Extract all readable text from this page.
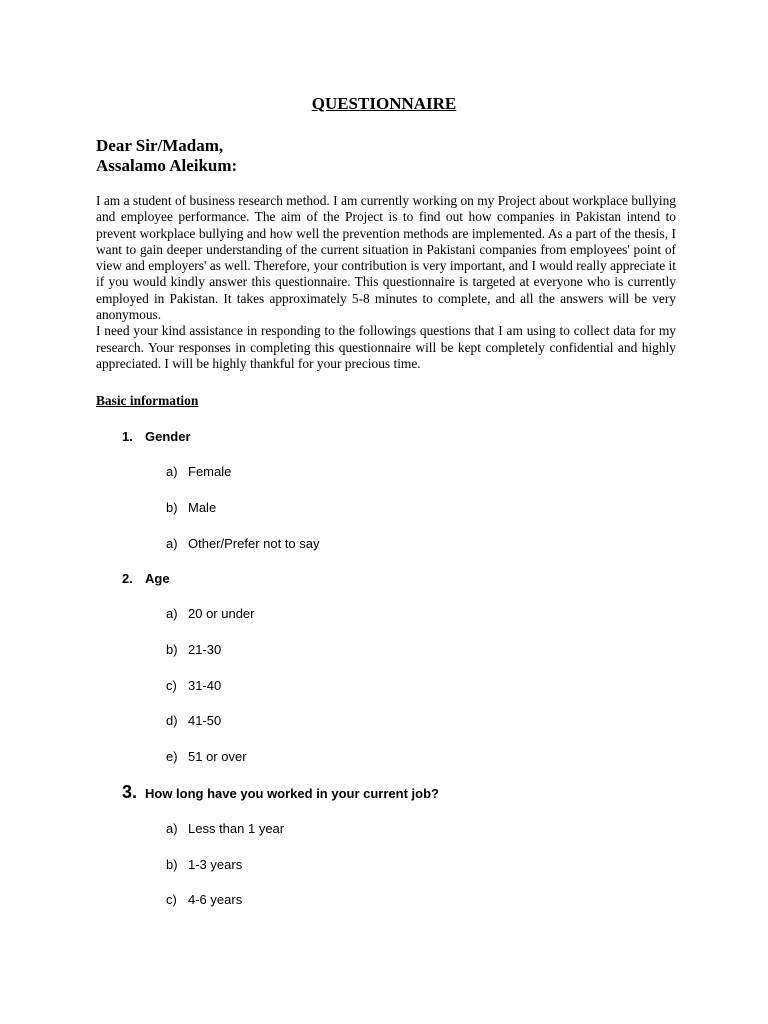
QUESTIONNAIRE
Dear Sir/Madam,
Assalamo Aleikum:

I am a student of business research method. I am currently working on my Project about workplace bullying and employee performance. The aim of the Project is to find out how companies in Pakistan intend to prevent workplace bullying and how well the prevention methods are implemented. As a part of the thesis, I want to gain deeper understanding of the current situation in Pakistani companies from employees' point of view and employers' as well. Therefore, your contribution is very important, and I would really appreciate it if you would kindly answer this questionnaire. This questionnaire is targeted at everyone who is currently employed in Pakistan. It takes approximately 5-8 minutes to complete, and all the answers will be very anonymous.

I need your kind assistance in responding to the followings questions that I am using to collect data for my research. Your responses in completing this questionnaire will be kept completely confidential and highly appreciated. I will be highly thankful for your precious time.

Basic information
1. Gender
a) Female
b) Male
a) Other/Prefer not to say
2. Age
a) 20 or under
b) 21-30
c) 31-40
d) 41-50
e) 51 or over
3. How long have you worked in your current job?
a) Less than 1 year
b) 1-3 years
c) 4-6 years
